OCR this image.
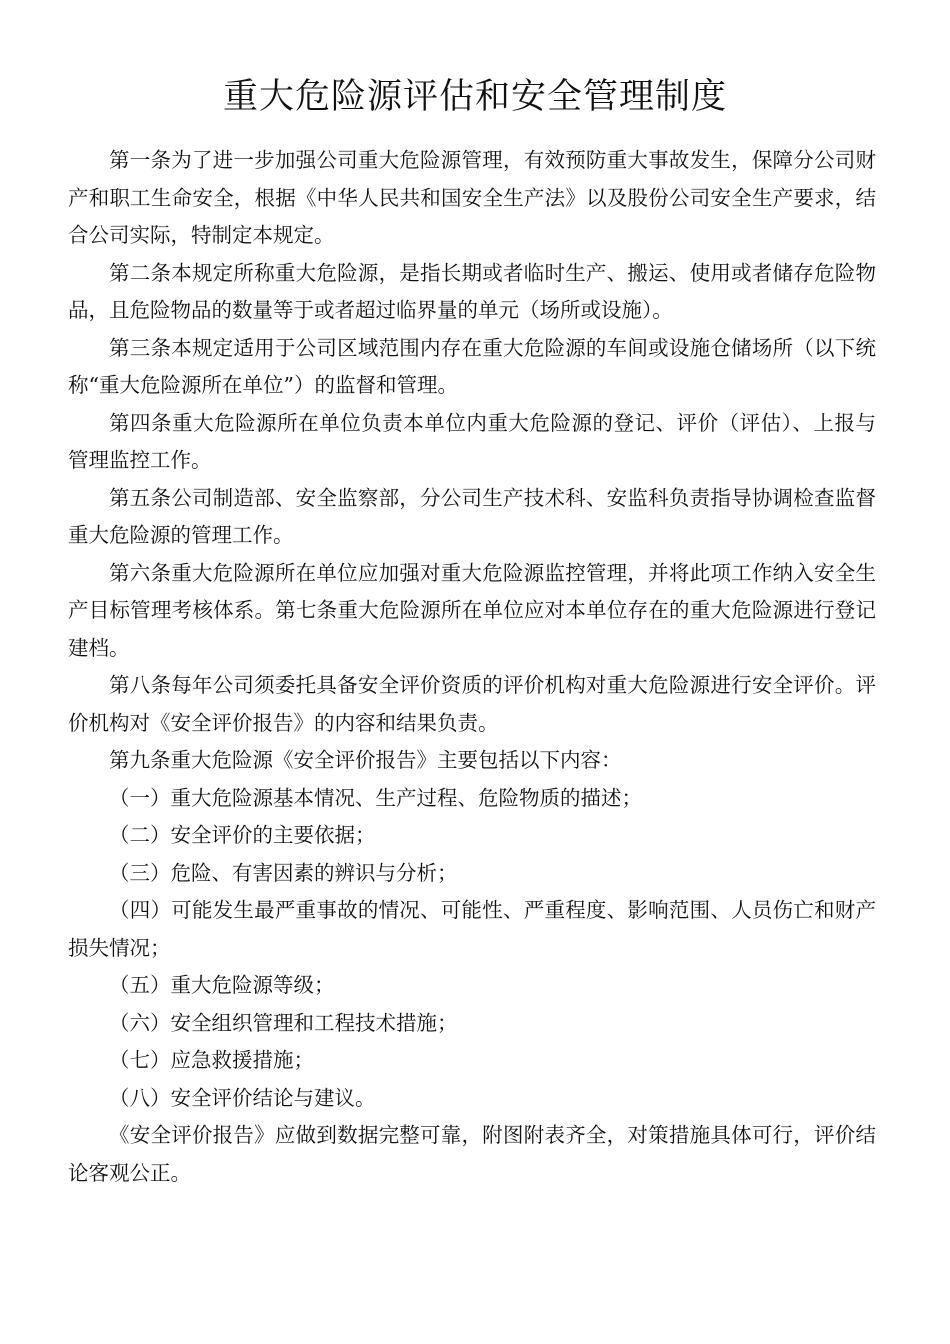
重大危险源评估和安全管理制度

第一条为了进一步加强公司重大危险源管理，有效预防重大事故发生，保障分公司财产和职工生命安全，根据《中华人民共和国安全生产法》以及股份公司安全生产要求，结合公司实际，特制定本规定。

第二条本规定所称重大危险源，是指长期或者临时生产、搬运、使用或者储存危险物品，且危险物品的数量等于或者超过临界量的单元（场所或设施）。

第三条本规定适用于公司区域范围内存在重大危险源的车间或设施仓储场所（以下统称“重大危险源所在单位”）的监督和管理。

第四条重大危险源所在单位负责本单位内重大危险源的登记、评价（评估）、上报与管理监控工作。

第五条公司制造部、安全监察部，分公司生产技术科、安监科负责指导协调检查监督重大危险源的管理工作。

第六条重大危险源所在单位应加强对重大危险源监控管理，并将此项工作纳入安全生产目标管理考核体系。第七条重大危险源所在单位应对本单位存在的重大危险源进行登记建档。

第八条每年公司须委托具备安全评价资质的评价机构对重大危险源进行安全评价。评价机构对《安全评价报告》的内容和结果负责。

第九条重大危险源《安全评价报告》主要包括以下内容：

（一）重大危险源基本情况、生产过程、危险物质的描述；

（二）安全评价的主要依据；

（三）危险、有害因素的辨识与分析；

（四）可能发生最严重事故的情况、可能性、严重程度、影响范围、人员伤亡和财产损失情况；

（五）重大危险源等级；

（六）安全组织管理和工程技术措施；

（七）应急救援措施；

（八）安全评价结论与建议。

《安全评价报告》应做到数据完整可靠，附图附表齐全，对策措施具体可行，评价结论客观公正。
